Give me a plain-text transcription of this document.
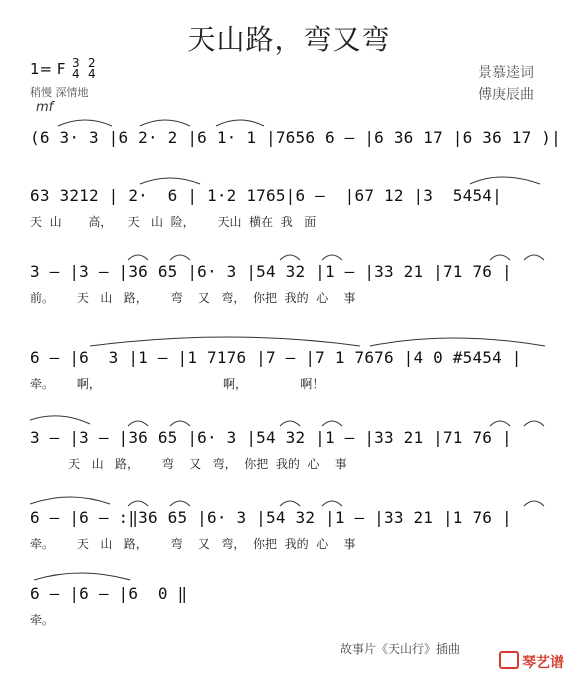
天山路，弯又弯
1= F 3
4
2
4
稍慢 深情地
mf
景慕逵词
傅庚辰曲
(6 3· 3 |6 2· 2 |6 1· 1 |7656 6 – |6 36 17 |6 36 17 )|
63 3212 | 2·  6 | 1·2 1765|6 –  |67 12 |3  5454|
天  山       高，    天   山  险，      天山  横在  我   面
3 – |3 – |36 65 |6· 3 |54 32 |1 – |33 21 |71 76 |
前。      天   山   路，      弯    又   弯，  你把  我的  心    事
6 – |6  3 |1 – |1 7176 |7 – |7 1 7676 |4 0 #5454 |
牵。      啊，                                啊，              啊！
3 – |3 – |36 65 |6· 3 |54 32 |1 – |33 21 |71 76 |
天   山   路，      弯    又   弯，  你把  我的  心    事
6 – |6 – :‖36 65 |6· 3 |54 32 |1 – |33 21 |1 76 |
牵。      天   山   路，      弯    又   弯，  你把  我的  心    事
6 – |6 – |6  0 ‖
牵。
故事片《天山行》插曲

琴艺谱
